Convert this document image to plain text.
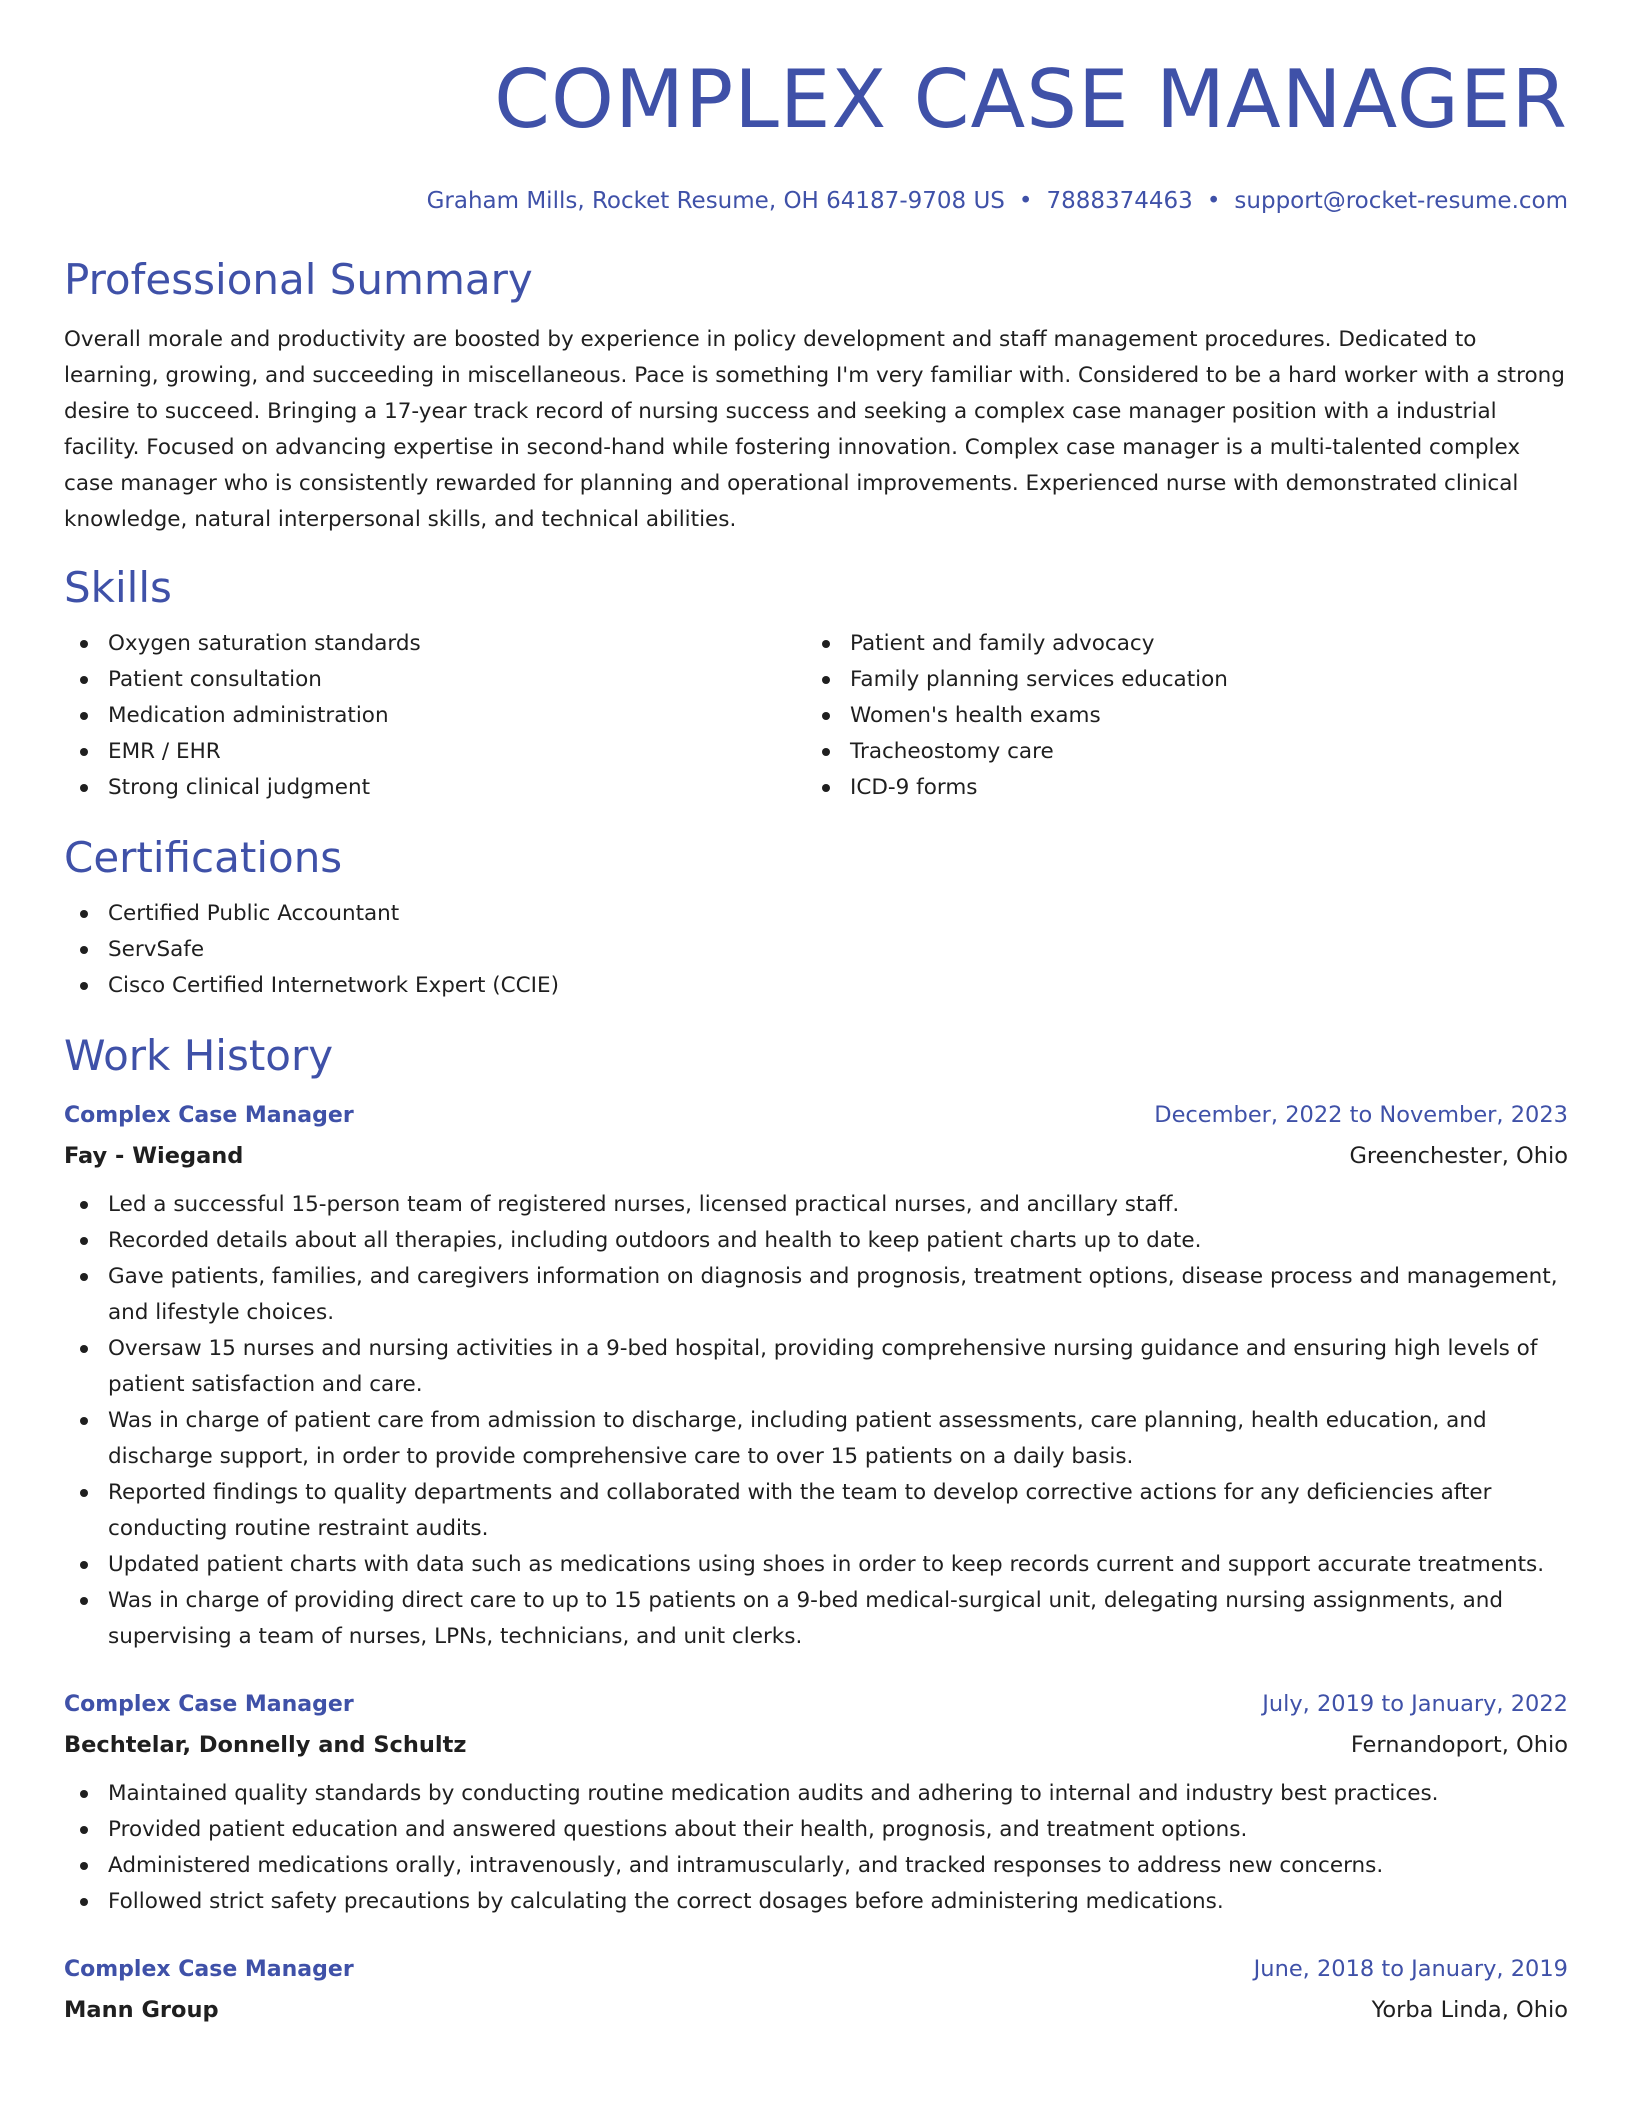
COMPLEX CASE MANAGER
Graham Mills, Rocket Resume, OH 64187-9708 US • 7888374463 • support@rocket-resume.com
Professional Summary

Overall morale and productivity are boosted by experience in policy development and staff management procedures. Dedicated to learning, growing, and succeeding in miscellaneous. Pace is something I'm very familiar with. Considered to be a hard worker with a strong desire to succeed. Bringing a 17-year track record of nursing success and seeking a complex case manager position with a industrial facility. Focused on advancing expertise in second-hand while fostering innovation. Complex case manager is a multi-talented complex case manager who is consistently rewarded for planning and operational improvements. Experienced nurse with demonstrated clinical knowledge, natural interpersonal skills, and technical abilities.

Skills
Oxygen saturation standards
Patient consultation
Medication administration
EMR / EHR
Strong clinical judgment
Patient and family advocacy
Family planning services education
Women's health exams
Tracheostomy care
ICD-9 forms
Certifications
Certified Public Accountant
ServSafe
Cisco Certified Internetwork Expert (CCIE)
Work History
Complex Case Manager	December, 2022 to November, 2023
Fay - Wiegand	Greenchester, Ohio
Led a successful 15-person team of registered nurses, licensed practical nurses, and ancillary staff.
Recorded details about all therapies, including outdoors and health to keep patient charts up to date.
Gave patients, families, and caregivers information on diagnosis and prognosis, treatment options, disease process and management, and lifestyle choices.
Oversaw 15 nurses and nursing activities in a 9-bed hospital, providing comprehensive nursing guidance and ensuring high levels of patient satisfaction and care.
Was in charge of patient care from admission to discharge, including patient assessments, care planning, health education, and discharge support, in order to provide comprehensive care to over 15 patients on a daily basis.
Reported findings to quality departments and collaborated with the team to develop corrective actions for any deficiencies after conducting routine restraint audits.
Updated patient charts with data such as medications using shoes in order to keep records current and support accurate treatments.
Was in charge of providing direct care to up to 15 patients on a 9-bed medical-surgical unit, delegating nursing assignments, and supervising a team of nurses, LPNs, technicians, and unit clerks.
Complex Case Manager	July, 2019 to January, 2022
Bechtelar, Donnelly and Schultz	Fernandoport, Ohio
Maintained quality standards by conducting routine medication audits and adhering to internal and industry best practices.
Provided patient education and answered questions about their health, prognosis, and treatment options.
Administered medications orally, intravenously, and intramuscularly, and tracked responses to address new concerns.
Followed strict safety precautions by calculating the correct dosages before administering medications.
Complex Case Manager	June, 2018 to January, 2019
Mann Group	Yorba Linda, Ohio
